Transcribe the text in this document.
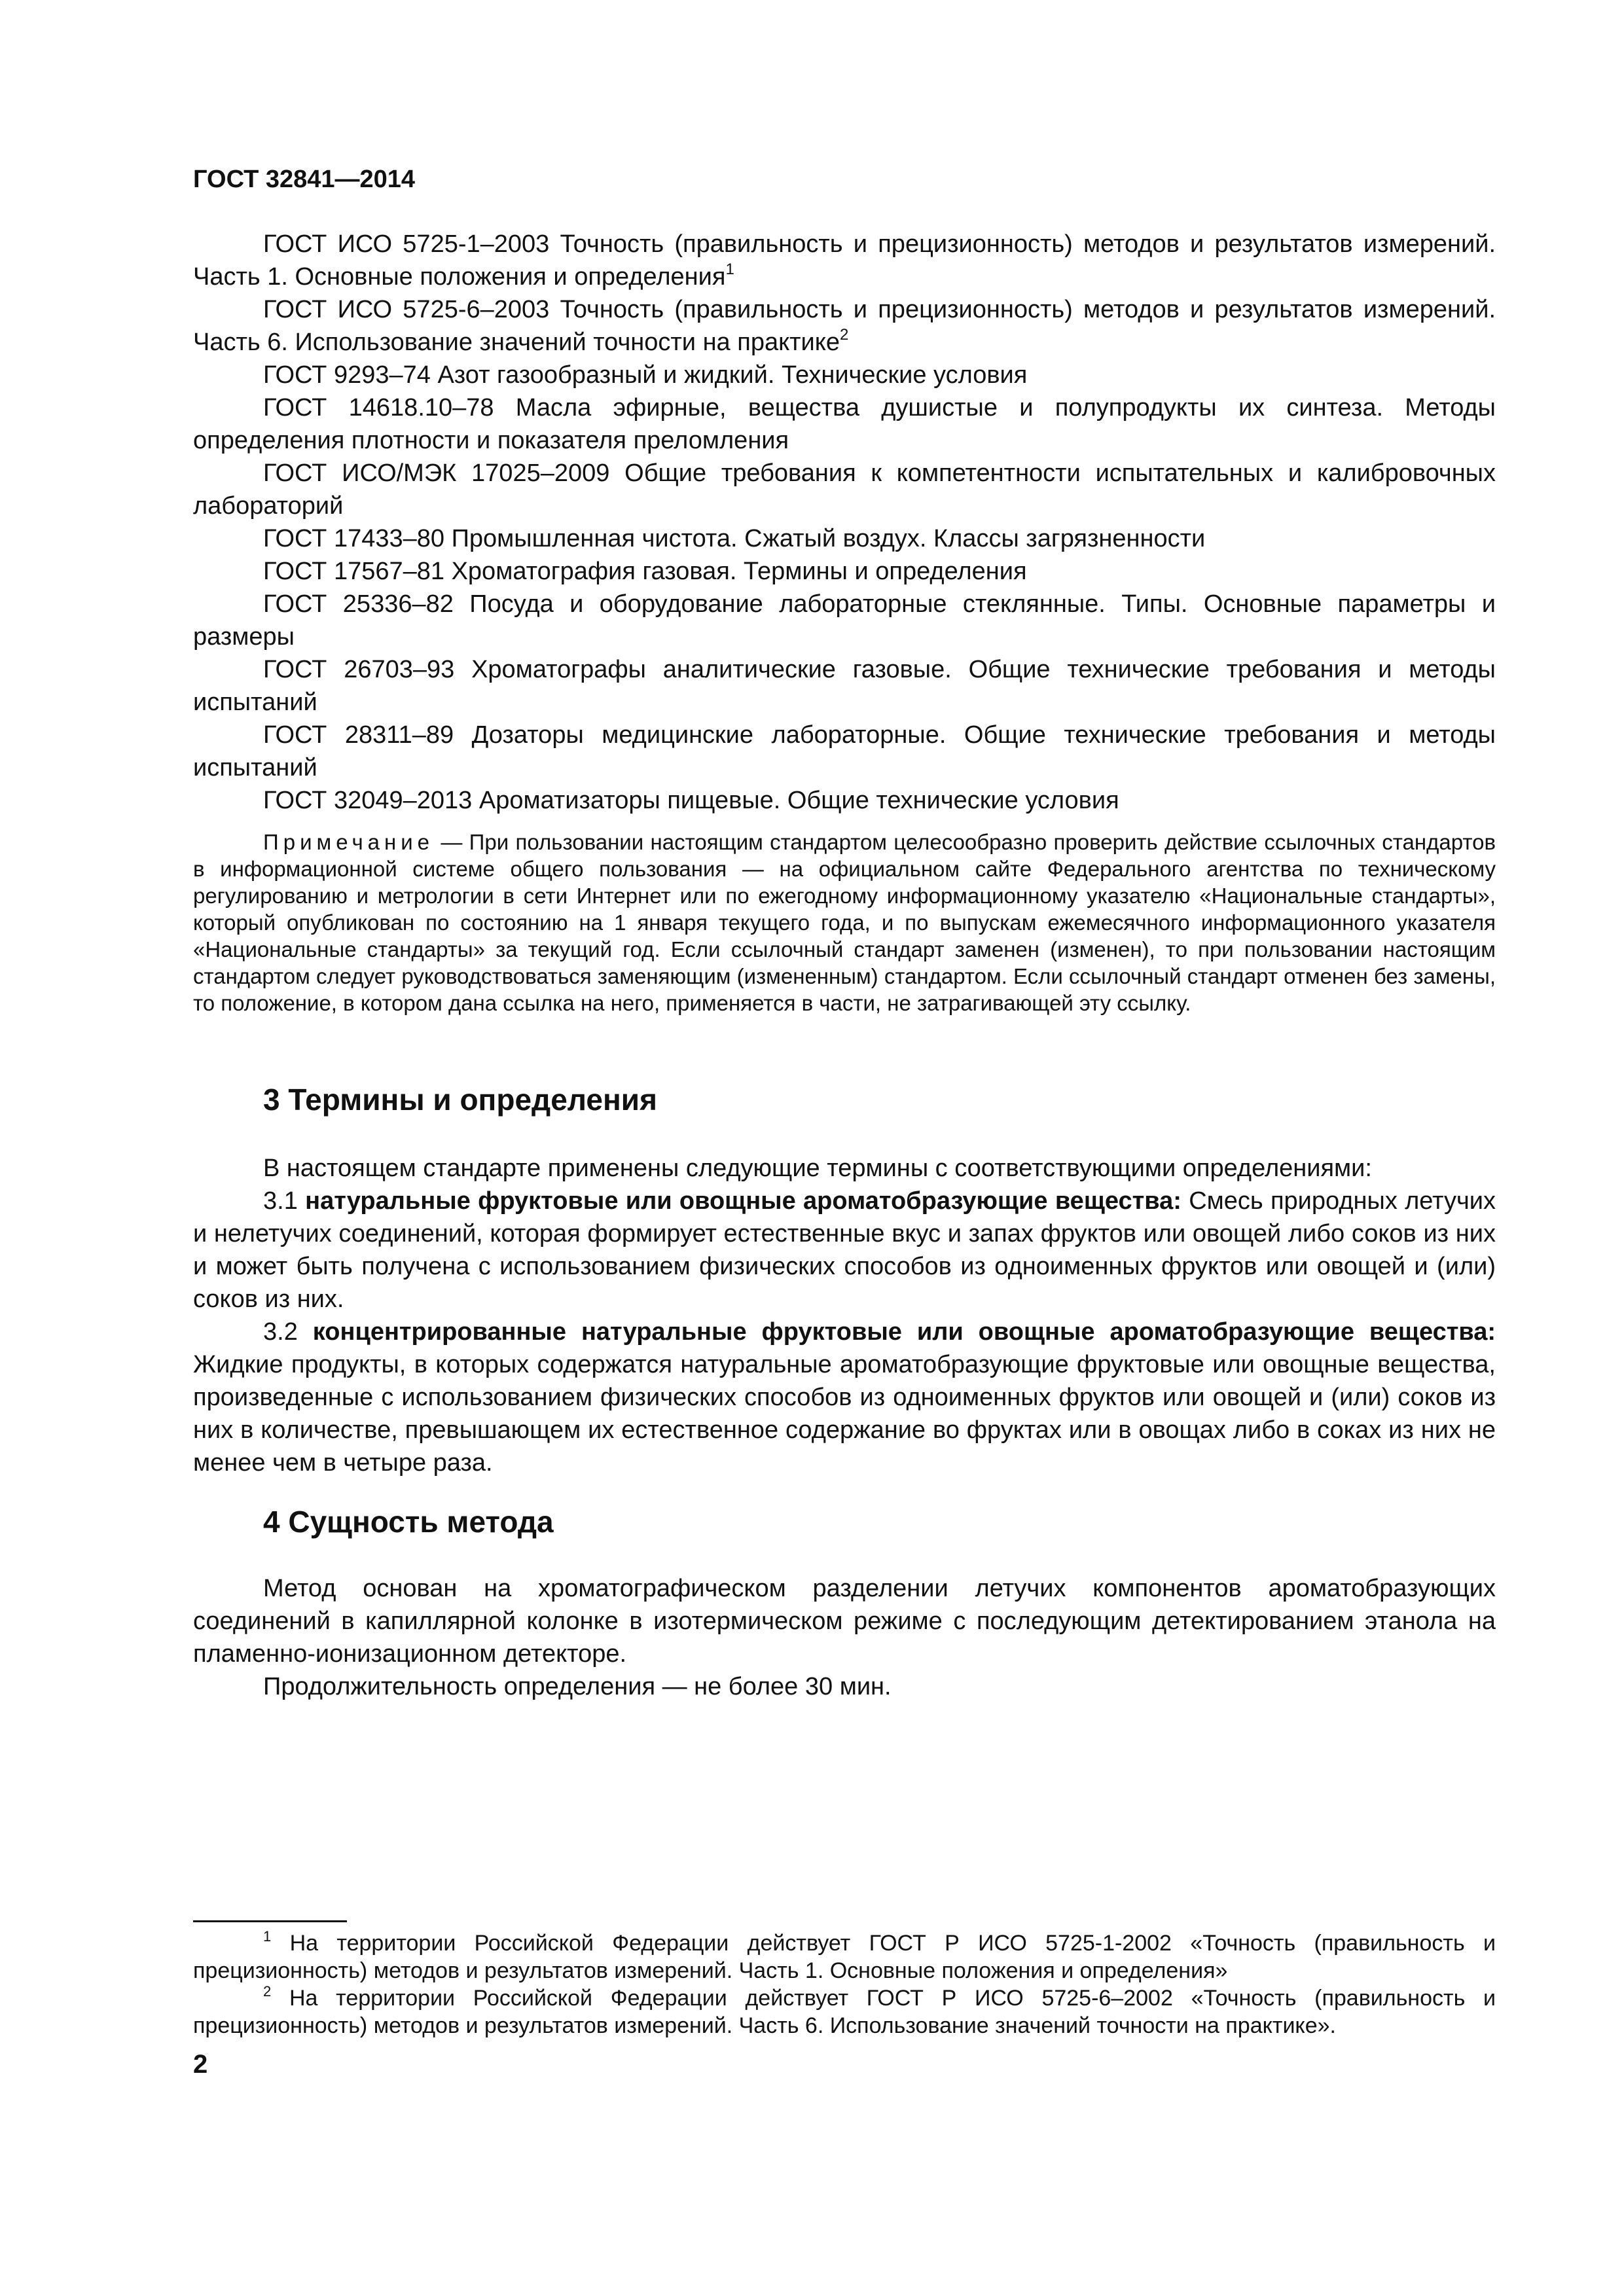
ГОСТ 32841—2014

ГОСТ ИСО 5725-1–2003 Точность (правильность и прецизионность) методов и результатов измерений. Часть 1. Основные положения и определения$^1$

ГОСТ ИСО 5725-6–2003 Точность (правильность и прецизионность) методов и результатов измерений. Часть 6. Использование значений точности на практике$^2$

ГОСТ 9293–74 Азот газообразный и жидкий. Технические условия

ГОСТ 14618.10–78 Масла эфирные, вещества душистые и полупродукты их синтеза. Методы определения плотности и показателя преломления

ГОСТ ИСО/МЭК 17025–2009 Общие требования к компетентности испытательных и калибровочных лабораторий

ГОСТ 17433–80 Промышленная чистота. Сжатый воздух. Классы загрязненности

ГОСТ 17567–81 Хроматография газовая. Термины и определения

ГОСТ 25336–82 Посуда и оборудование лабораторные стеклянные. Типы. Основные параметры и размеры

ГОСТ 26703–93 Хроматографы аналитические газовые. Общие технические требования и методы испытаний

ГОСТ 28311–89 Дозаторы медицинские лабораторные. Общие технические требования и методы испытаний

ГОСТ 32049–2013 Ароматизаторы пищевые. Общие технические условия

Примечание — При пользовании настоящим стандартом целесообразно проверить действие ссылочных стандартов в информационной системе общего пользования — на официальном сайте Федерального агентства по техническому регулированию и метрологии в сети Интернет или по ежегодному информационному указателю «Национальные стандарты», который опубликован по состоянию на 1 января текущего года, и по выпускам ежемесячного информационного указателя «Национальные стандарты» за текущий год. Если ссылочный стандарт заменен (изменен), то при пользовании настоящим стандартом следует руководствоваться заменяющим (измененным) стандартом. Если ссылочный стандарт отменен без замены, то положение, в котором дана ссылка на него, применяется в части, не затрагивающей эту ссылку.

3 Термины и определения

В настоящем стандарте применены следующие термины с соответствующими определениями:

3.1 натуральные фруктовые или овощные ароматобразующие вещества: Смесь природных летучих и нелетучих соединений, которая формирует естественные вкус и запах фруктов или овощей либо соков из них и может быть получена с использованием физических способов из одноименных фруктов или овощей и (или) соков из них.

3.2 концентрированные натуральные фруктовые или овощные ароматобразующие вещества: Жидкие продукты, в которых содержатся натуральные ароматобразующие фруктовые или овощные вещества, произведенные с использованием физических способов из одноименных фруктов или овощей и (или) соков из них в количестве, превышающем их естественное содержание во фруктах или в овощах либо в соках из них не менее чем в четыре раза.

4 Сущность метода

Метод основан на хроматографическом разделении летучих компонентов ароматобразующих соединений в капиллярной колонке в изотермическом режиме с последующим детектированием этанола на пламенно-ионизационном детекторе.

Продолжительность определения — не более 30 мин.

$^1$ На территории Российской Федерации действует ГОСТ Р ИСО 5725-1-2002 «Точность (правильность и прецизионность) методов и результатов измерений. Часть 1. Основные положения и определения»

$^2$ На территории Российской Федерации действует ГОСТ Р ИСО 5725-6–2002 «Точность (правильность и прецизионность) методов и результатов измерений. Часть 6. Использование значений точности на практике».

2
